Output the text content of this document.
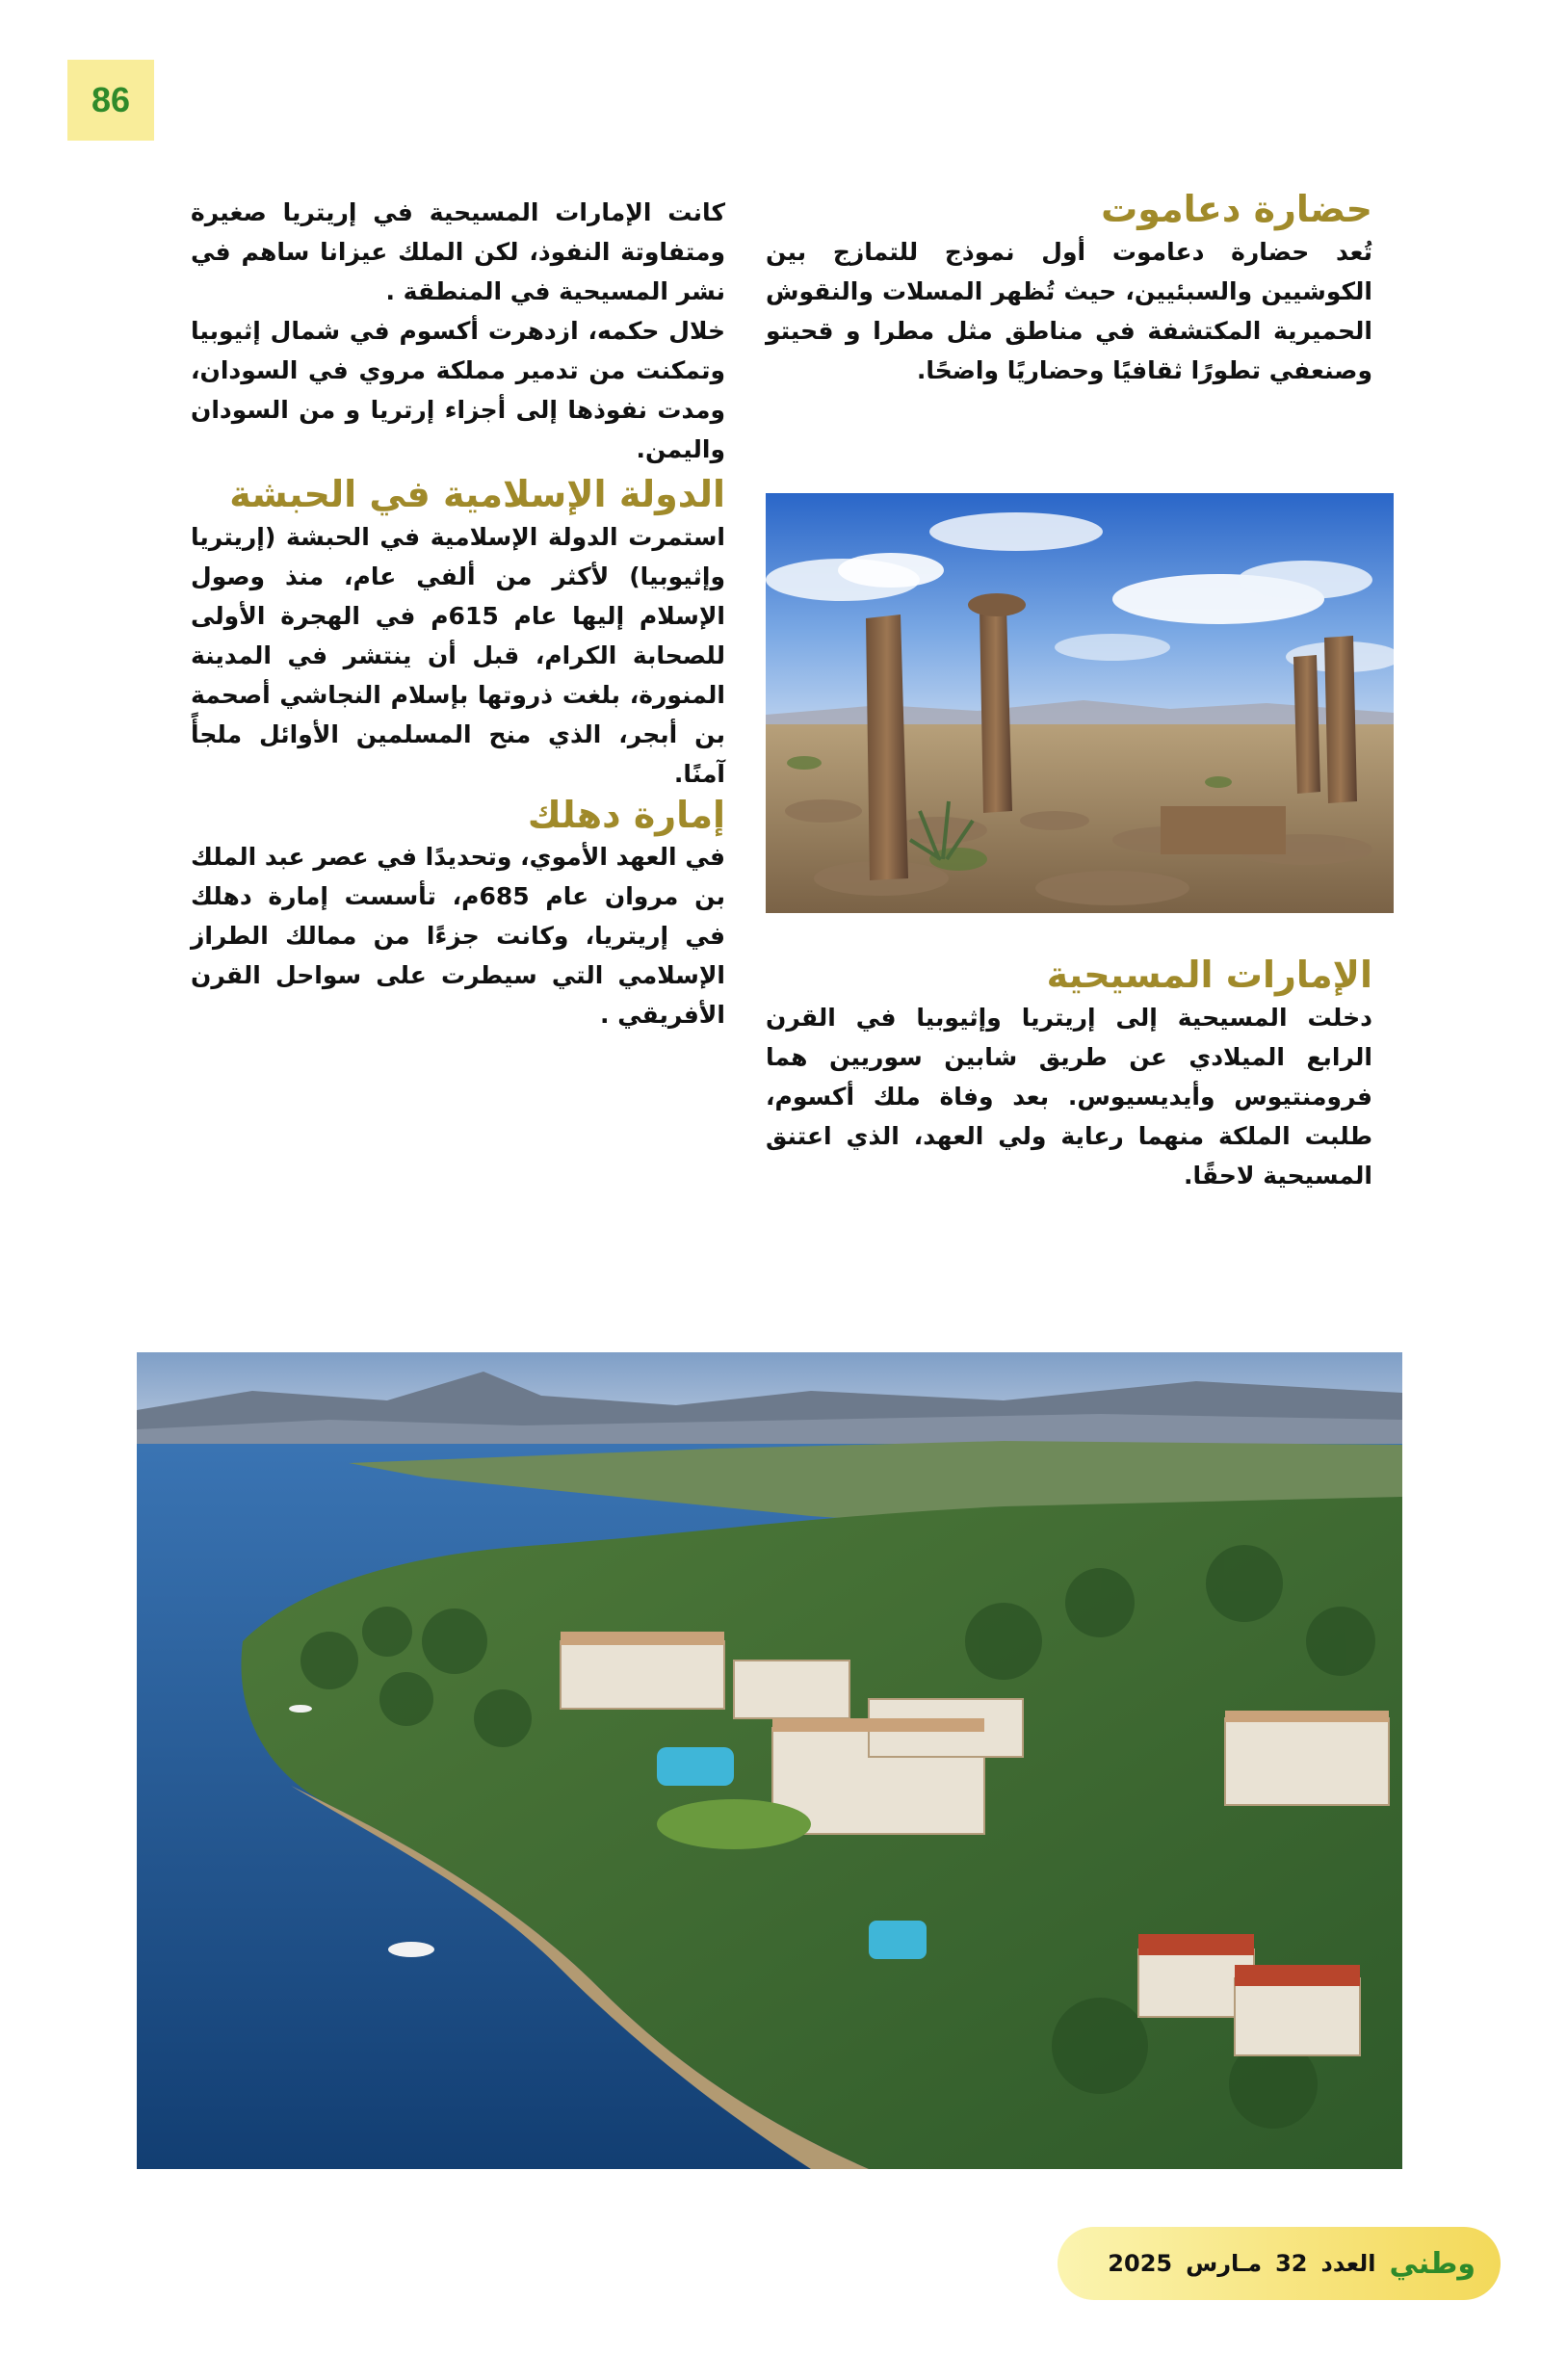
86
حضارة دعاموت

تُعد حضارة دعاموت أول نموذج للتمازج بين الكوشيين والسبئيين، حيث تُظهر المسلات والنقوش الحميرية المكتشفة في مناطق مثل مطرا و قحيتو وصنعفي تطورًا ثقافيًا وحضاريًا واضحًا.

الإمارات المسيحية

دخلت المسيحية إلى إريتريا وإثيوبيا في القرن الرابع الميلادي عن طريق شابين سوريين هما فرومنتيوس وأيديسيوس. بعد وفاة ملك أكسوم، طلبت الملكة منهما رعاية ولي العهد، الذي اعتنق المسيحية لاحقًا.

كانت الإمارات المسيحية في إريتريا صغيرة ومتفاوتة النفوذ، لكن الملك عيزانا ساهم في نشر المسيحية في المنطقة .

خلال حكمه، ازدهرت أكسوم في شمال إثيوبيا وتمكنت من تدمير مملكة مروي في السودان، ومدت نفوذها إلى أجزاء إرتريا و من السودان واليمن.

الدولة الإسلامية في الحبشة

استمرت الدولة الإسلامية في الحبشة (إريتريا وإثيوبيا) لأكثر من ألفي عام، منذ وصول الإسلام إليها عام 615م في الهجرة الأولى للصحابة الكرام، قبل أن ينتشر في المدينة المنورة، بلغت ذروتها بإسلام النجاشي أصحمة بن أبجر، الذي منح المسلمين الأوائل ملجأً آمنًا.

إمارة دهلك

في العهد الأموي، وتحديدًا في عصر عبد الملك بن مروان عام 685م، تأسست إمارة دهلك في إريتريا، وكانت جزءًا من ممالك الطراز الإسلامي التي سيطرت على سواحل القرن الأفريقي .

وطني
العدد
32
مـارس
2025
